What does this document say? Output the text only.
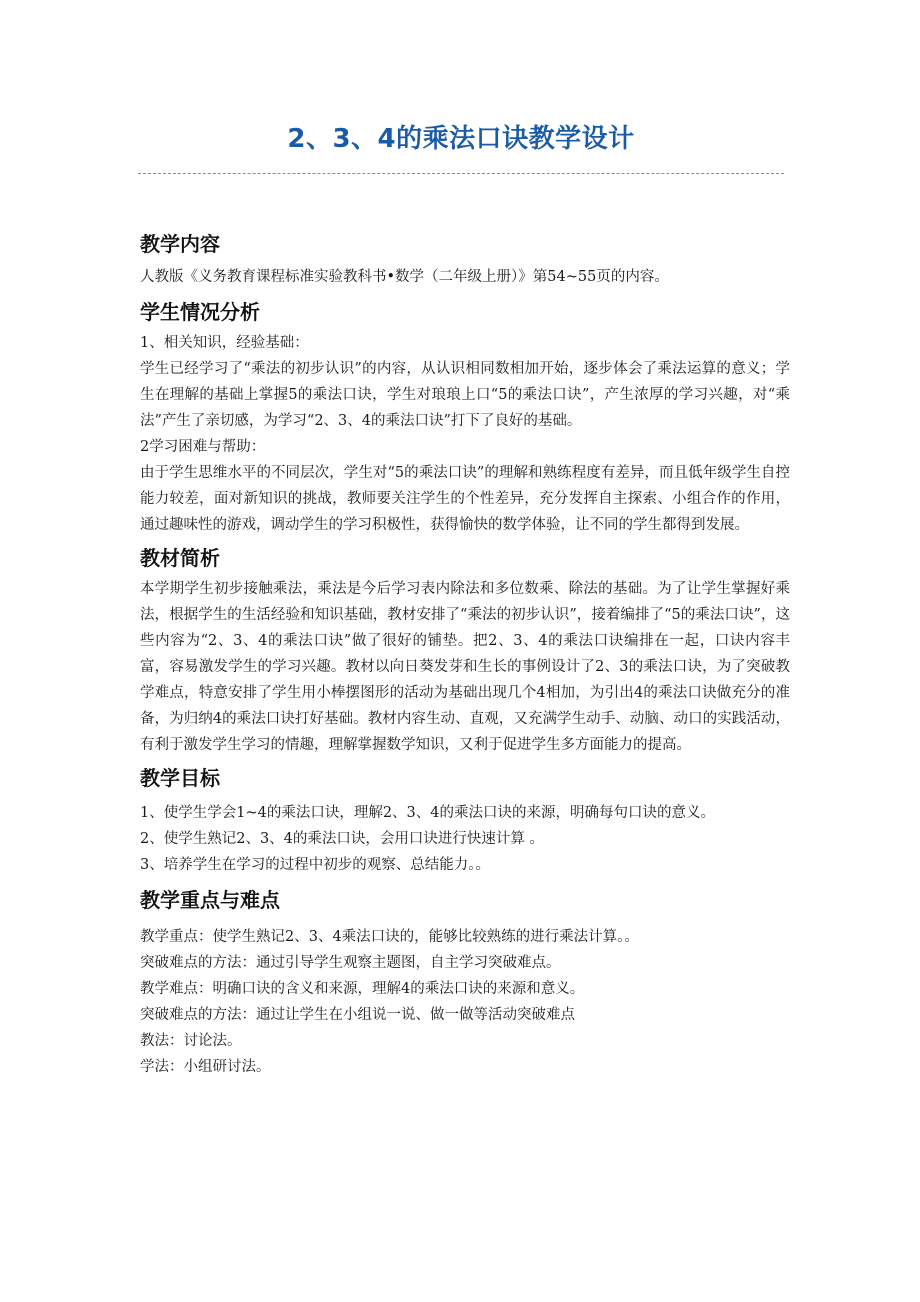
2、3、4的乘法口诀教学设计
教学内容

人教版《义务教育课程标准实验教科书•数学（二年级上册）》第54~55页的内容。

学生情况分析

1、相关知识，经验基础：

学生已经学习了“乘法的初步认识”的内容，从认识相同数相加开始，逐步体会了乘法运算的意义；学生在理解的基础上掌握5的乘法口诀，学生对琅琅上口“5的乘法口诀”，产生浓厚的学习兴趣，对“乘法”产生了亲切感，为学习“2、3、4的乘法口诀”打下了良好的基础。

2学习困难与帮助：

由于学生思维水平的不同层次，学生对“5的乘法口诀”的理解和熟练程度有差异，而且低年级学生自控能力较差，面对新知识的挑战，教师要关注学生的个性差异，充分发挥自主探索、小组合作的作用，通过趣味性的游戏，调动学生的学习积极性，获得愉快的数学体验，让不同的学生都得到发展。

教材简析

本学期学生初步接触乘法，乘法是今后学习表内除法和多位数乘、除法的基础。为了让学生掌握好乘法，根据学生的生活经验和知识基础，教材安排了“乘法的初步认识”，接着编排了“5的乘法口诀”，这些内容为“2、3、4的乘法口诀”做了很好的铺垫。把2、3、4的乘法口诀编排在一起，口诀内容丰富，容易激发学生的学习兴趣。教材以向日葵发芽和生长的事例设计了2、3的乘法口诀，为了突破教学难点，特意安排了学生用小棒摆图形的活动为基础出现几个4相加，为引出4的乘法口诀做充分的准备，为归纳4的乘法口诀打好基础。教材内容生动、直观，又充满学生动手、动脑、动口的实践活动，有利于激发学生学习的情趣，理解掌握数学知识，又利于促进学生多方面能力的提高。

教学目标

1、使学生学会1~4的乘法口诀，理解2、3、4的乘法口诀的来源，明确每句口诀的意义。

2、使学生熟记2、3、4的乘法口诀，会用口诀进行快速计算 。

3、培养学生在学习的过程中初步的观察、总结能力。。

教学重点与难点

教学重点：使学生熟记2、3、4乘法口诀的，能够比较熟练的进行乘法计算。。

突破难点的方法：通过引导学生观察主题图，自主学习突破难点。

教学难点：明确口诀的含义和来源，理解4的乘法口诀的来源和意义。

突破难点的方法：通过让学生在小组说一说、做一做等活动突破难点

教法：讨论法。

学法：小组研讨法。
